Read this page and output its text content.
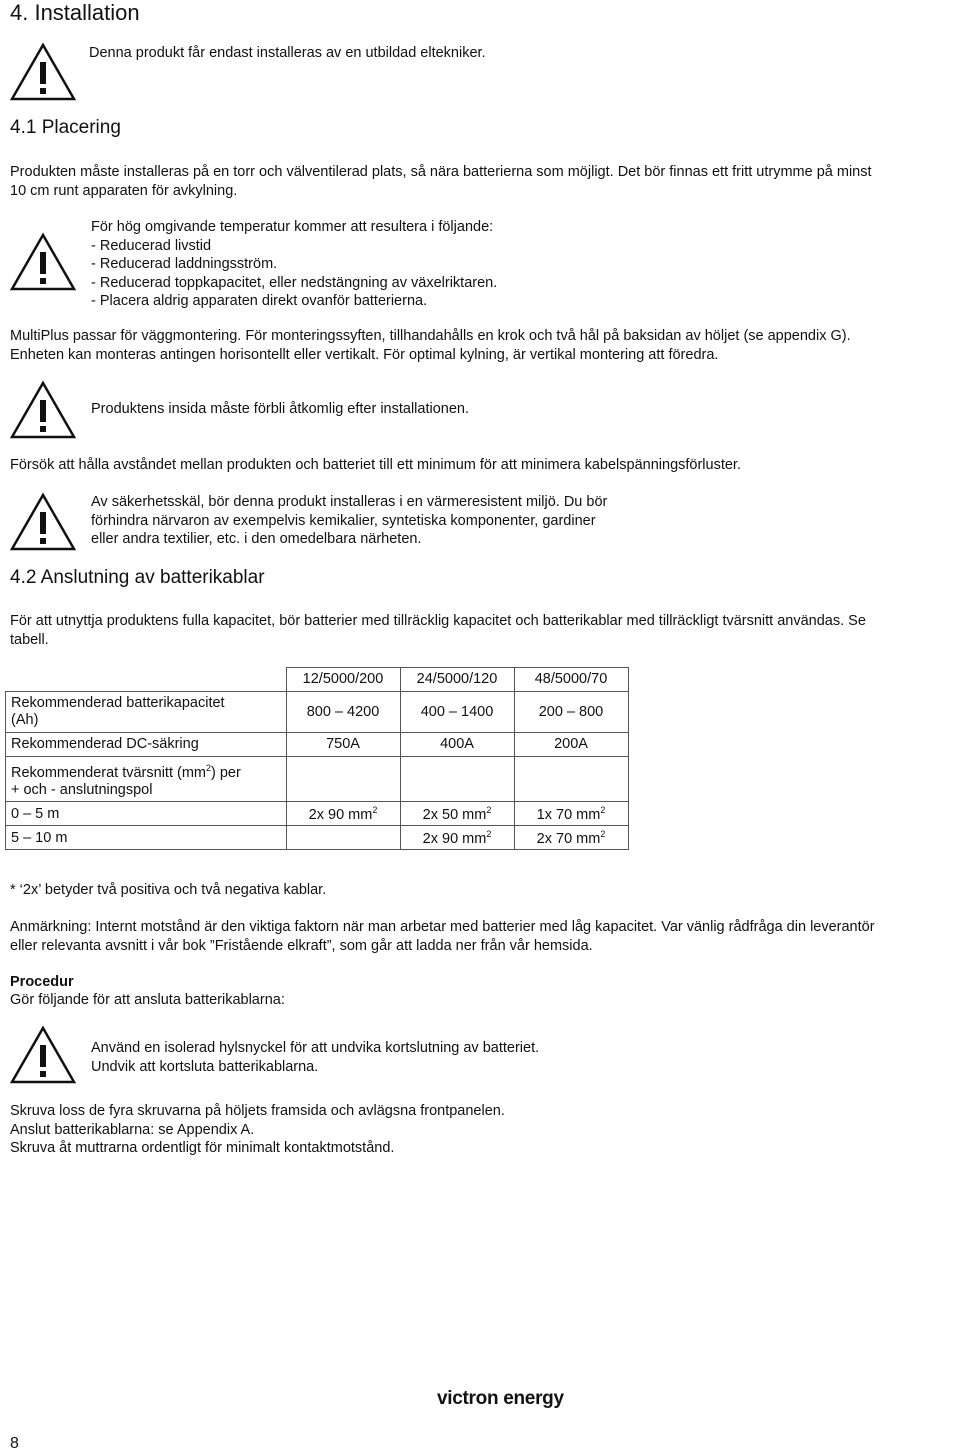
4. Installation
Denna produkt får endast installeras av en utbildad eltekniker.
4.1 Placering
Produkten måste installeras på en torr och välventilerad plats, så nära batterierna som möjligt. Det bör finnas ett fritt utrymme på minst
10 cm runt apparaten för avkylning.
För hög omgivande temperatur kommer att resultera i följande:
- Reducerad livstid
- Reducerad laddningsström.
- Reducerad toppkapacitet, eller nedstängning av växelriktaren.
- Placera aldrig apparaten direkt ovanför batterierna.
MultiPlus passar för väggmontering. För monteringssyften, tillhandahålls en krok och två hål på baksidan av höljet (se appendix G).
Enheten kan monteras antingen horisontellt eller vertikalt. För optimal kylning, är vertikal montering att föredra.
Produktens insida måste förbli åtkomlig efter installationen.
Försök att hålla avståndet mellan produkten och batteriet till ett minimum för att minimera kabelspänningsförluster.
Av säkerhetsskäl, bör denna produkt installeras i en värmeresistent miljö. Du bör
förhindra närvaron av exempelvis kemikalier, syntetiska komponenter, gardiner
eller andra textilier, etc. i den omedelbara närheten.
4.2 Anslutning av batterikablar
För att utnyttja produktens fulla kapacitet, bör batterier med tillräcklig kapacitet och batterikablar med tillräckligt tvärsnitt användas. Se
tabell.
	12/5000/200	24/5000/120	48/5000/70

Rekommenderad batterikapacitet
(Ah)	800 – 4200	400 – 1400	200 – 800
Rekommenderad DC-säkring	750A	400A	200A

Rekommenderat tvärsnitt $(mm^2)$ per
+ och - anslutningspol			

0 – 5 m	2x 90 $mm^2$	2x 50 $mm^2$	1x 70 $mm^2$
5 – 10 m		2x 90 $mm^2$	2x 70 $mm^2$
* ‘2x’ betyder två positiva och två negativa kablar.
Anmärkning: Internt motstånd är den viktiga faktorn när man arbetar med batterier med låg kapacitet. Var vänlig rådfråga din leverantör
eller relevanta avsnitt i vår bok ”Fristående elkraft”, som går att ladda ner från vår hemsida.
Procedur
Gör följande för att ansluta batterikablarna:
Använd en isolerad hylsnyckel för att undvika kortslutning av batteriet.
Undvik att kortsluta batterikablarna.
Skruva loss de fyra skruvarna på höljets framsida och avlägsna frontpanelen.
Anslut batterikablarna: se Appendix A.
Skruva åt muttrarna ordentligt för minimalt kontaktmotstånd.
victron energy
8
